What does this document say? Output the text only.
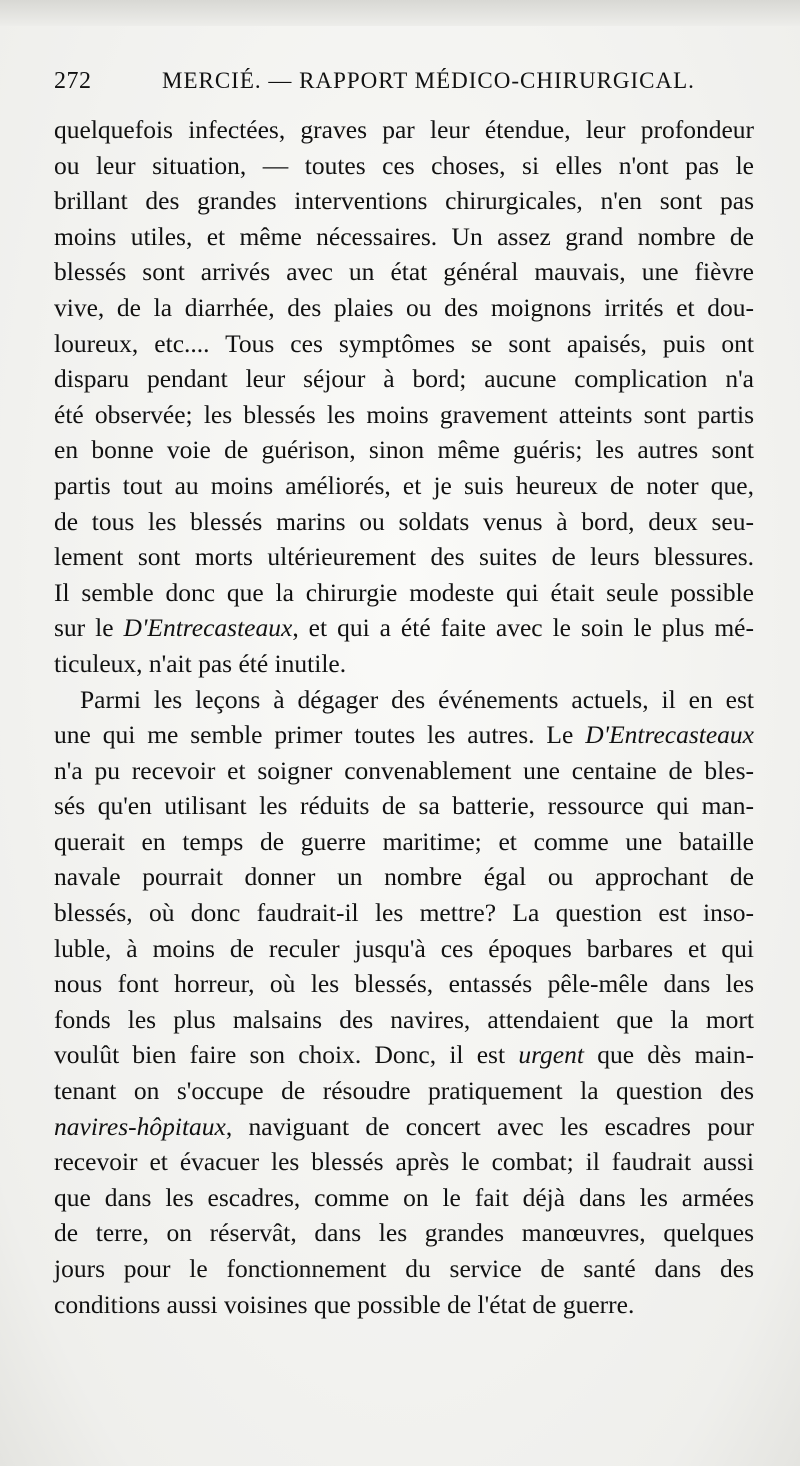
272	MERCIÉ. — RAPPORT MÉDICO-CHIRURGICAL.
quelquefois infectées, graves par leur étendue, leur profondeur
ou leur situation, — toutes ces choses, si elles n'ont pas le
brillant des grandes interventions chirurgicales, n'en sont pas
moins utiles, et même nécessaires. Un assez grand nombre de
blessés sont arrivés avec un état général mauvais, une fièvre
vive, de la diarrhée, des plaies ou des moignons irrités et dou-
loureux, etc.... Tous ces symptômes se sont apaisés, puis ont
disparu pendant leur séjour à bord; aucune complication n'a
été observée; les blessés les moins gravement atteints sont partis
en bonne voie de guérison, sinon même guéris; les autres sont
partis tout au moins améliorés, et je suis heureux de noter que,
de tous les blessés marins ou soldats venus à bord, deux seu-
lement sont morts ultérieurement des suites de leurs blessures.
Il semble donc que la chirurgie modeste qui était seule possible
sur le D'Entrecasteaux, et qui a été faite avec le soin le plus mé-
ticuleux, n'ait pas été inutile.
Parmi les leçons à dégager des événements actuels, il en est
une qui me semble primer toutes les autres. Le D'Entrecasteaux
n'a pu recevoir et soigner convenablement une centaine de bles-
sés qu'en utilisant les réduits de sa batterie, ressource qui man-
querait en temps de guerre maritime; et comme une bataille
navale pourrait donner un nombre égal ou approchant de
blessés, où donc faudrait-il les mettre? La question est inso-
luble, à moins de reculer jusqu'à ces époques barbares et qui
nous font horreur, où les blessés, entassés pêle-mêle dans les
fonds les plus malsains des navires, attendaient que la mort
voulût bien faire son choix. Donc, il est urgent que dès main-
tenant on s'occupe de résoudre pratiquement la question des
navires-hôpitaux, naviguant de concert avec les escadres pour
recevoir et évacuer les blessés après le combat; il faudrait aussi
que dans les escadres, comme on le fait déjà dans les armées
de terre, on réservât, dans les grandes manœuvres, quelques
jours pour le fonctionnement du service de santé dans des
conditions aussi voisines que possible de l'état de guerre.
